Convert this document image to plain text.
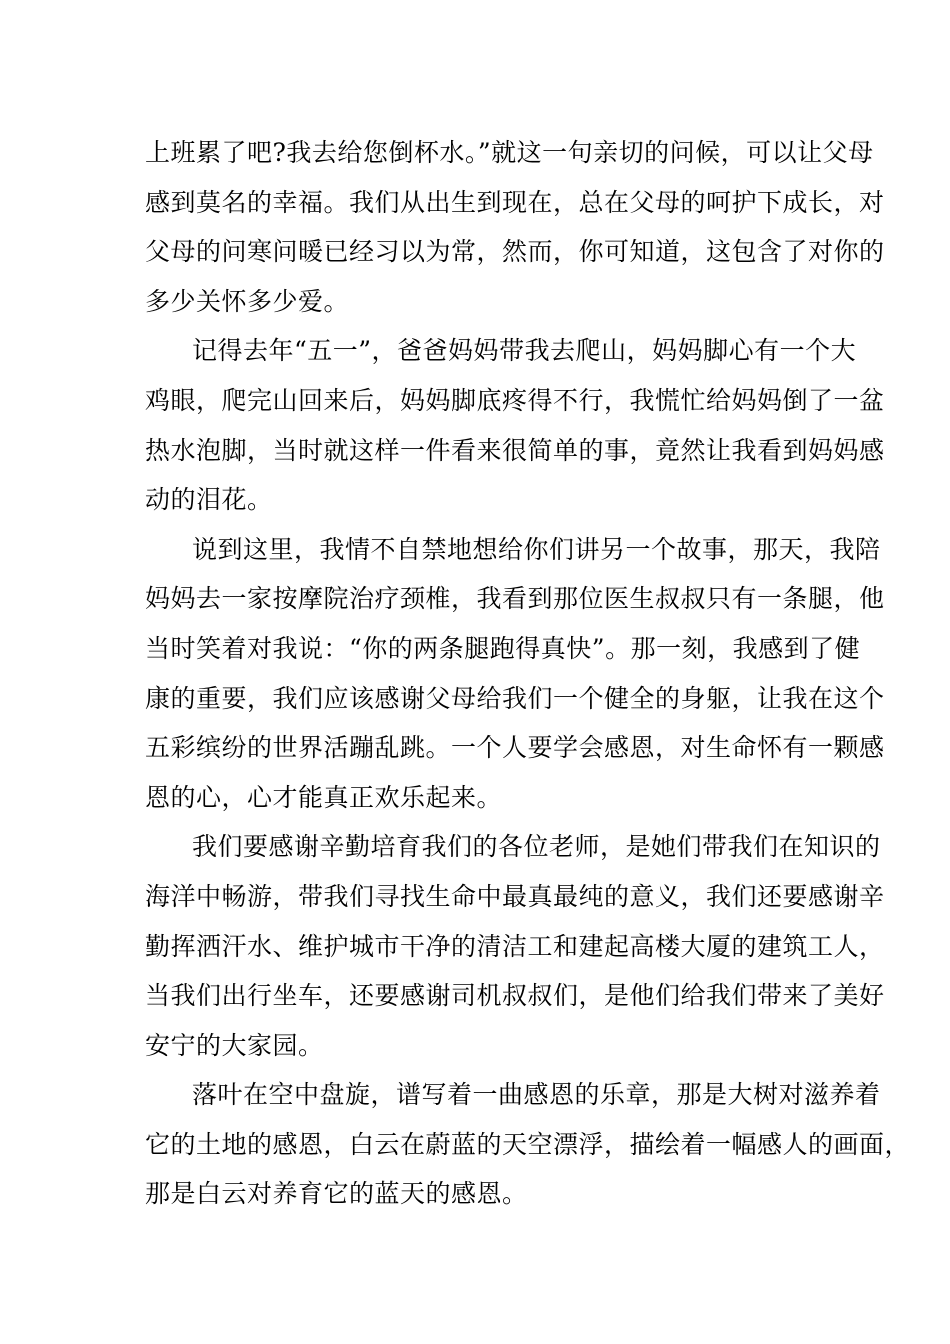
上班累了吧?我去给您倒杯水。”就这一句亲切的问候，可以让父母
感到莫名的幸福。我们从出生到现在，总在父母的呵护下成长，对
父母的问寒问暖已经习以为常，然而，你可知道，这包含了对你的
多少关怀多少爱。
记得去年“五一”，爸爸妈妈带我去爬山，妈妈脚心有一个大
鸡眼，爬完山回来后，妈妈脚底疼得不行，我慌忙给妈妈倒了一盆
热水泡脚，当时就这样一件看来很简单的事，竟然让我看到妈妈感
动的泪花。
说到这里，我情不自禁地想给你们讲另一个故事，那天，我陪
妈妈去一家按摩院治疗颈椎，我看到那位医生叔叔只有一条腿，他
当时笑着对我说：“你的两条腿跑得真快”。那一刻，我感到了健
康的重要，我们应该感谢父母给我们一个健全的身躯，让我在这个
五彩缤纷的世界活蹦乱跳。一个人要学会感恩，对生命怀有一颗感
恩的心，心才能真正欢乐起来。
我们要感谢辛勤培育我们的各位老师，是她们带我们在知识的
海洋中畅游，带我们寻找生命中最真最纯的意义，我们还要感谢辛
勤挥洒汗水、维护城市干净的清洁工和建起高楼大厦的建筑工人，
当我们出行坐车，还要感谢司机叔叔们，是他们给我们带来了美好
安宁的大家园。
落叶在空中盘旋，谱写着一曲感恩的乐章，那是大树对滋养着
它的土地的感恩，白云在蔚蓝的天空漂浮，描绘着一幅感人的画面，
那是白云对养育它的蓝天的感恩。
